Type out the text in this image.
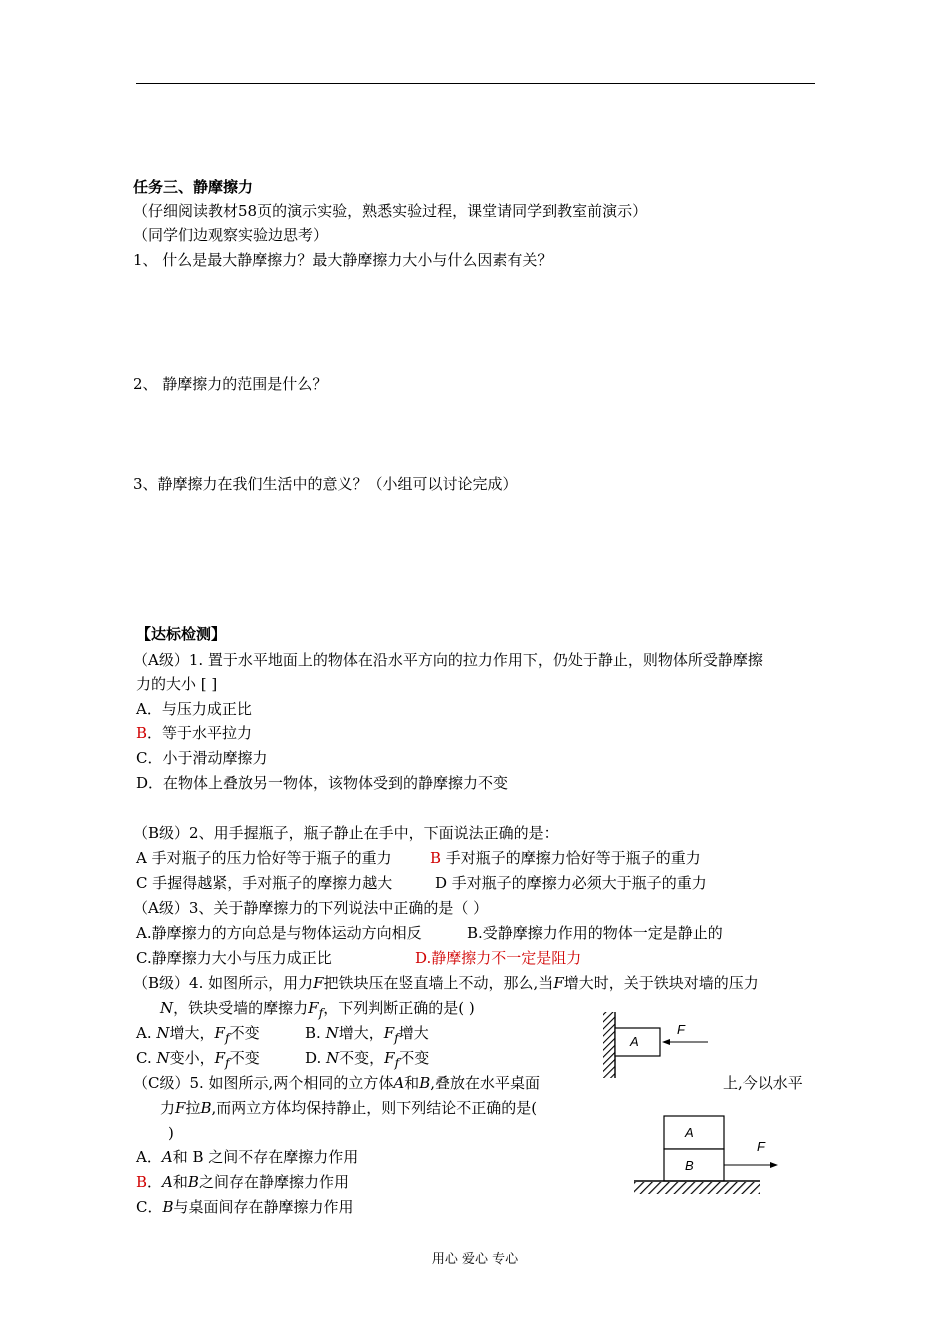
任务三、静摩擦力
（仔细阅读教材58页的演示实验，熟悉实验过程，课堂请同学到教室前演示）
（同学们边观察实验边思考）
1、 什么是最大静摩擦力？最大静摩擦力大小与什么因素有关？
2、 静摩擦力的范围是什么？
3、静摩擦力在我们生活中的意义？（小组可以讨论完成）
【达标检测】
（A级）1. 置于水平地面上的物体在沿水平方向的拉力作用下，仍处于静止，则物体所受静摩擦
力的大小 [ ]
A．与压力成正比
B．等于水平拉力
C．小于滑动摩擦力
D．在物体上叠放另一物体，该物体受到的静摩擦力不变
（B级）2、用手握瓶子，瓶子静止在手中，下面说法正确的是：
A 手对瓶子的压力恰好等于瓶子的重力	B 手对瓶子的摩擦力恰好等于瓶子的重力
C 手握得越紧，手对瓶子的摩擦力越大	D 手对瓶子的摩擦力必须大于瓶子的重力
（A级）3、关于静摩擦力的下列说法中正确的是（ ）
A.静摩擦力的方向总是与物体运动方向相反	B.受静摩擦力作用的物体一定是静止的
C.静摩擦力大小与压力成正比	D.静摩擦力不一定是阻力
（B级）4. 如图所示，用力F把铁块压在竖直墙上不动，那么,当F增大时，关于铁块对墙的压力
N，铁块受墙的摩擦力$F_f$，下列判断正确的是( )
A. N增大，$F_f$不变	B. N增大，$F_f$增大
C. N变小，$F_f$不变	D. N不变，$F_f$不变
A
F
（C级）5. 如图所示,两个相同的立方体A和B,叠放在水平桌面	上,今以水平
力F拉B,而两立方体均保持静止，则下列结论不正确的是(
)
A．A和 B 之间不存在摩擦力作用
B．A和B之间存在静摩擦力作用
C．B与桌面间存在静摩擦力作用
A
B
F
用心 爱心 专心
